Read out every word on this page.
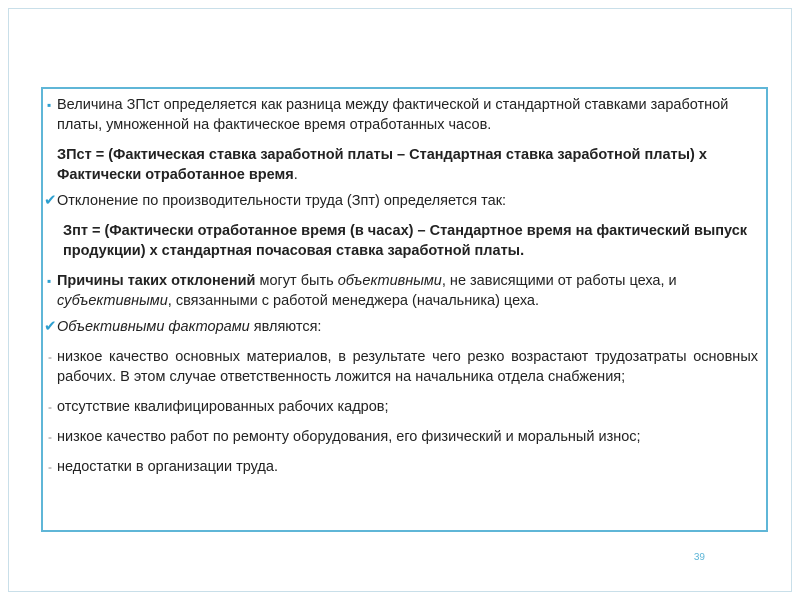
▪ Величина ЗПст определяется как разница между фактической и стандартной ставками заработной платы, умноженной на фактическое время отработанных часов.
ЗПст = (Фактическая ставка заработной платы – Стандартная ставка заработной платы) х Фактически отработанное время.
✔ Отклонение по производительности труда (Зпт) определяется так:
Зпт = (Фактически отработанное время (в часах) – Стандартное время на фактический выпуск продукции) х стандартная почасовая ставка заработной платы.
▪ Причины таких отклонений могут быть объективными, не зависящими от работы цеха, и субъективными, связанными с работой менеджера (начальника) цеха.
✔ Объективными факторами являются:
- низкое качество основных материалов, в результате чего резко возрастают трудозатраты основных рабочих. В этом случае ответственность ложится на начальника отдела снабжения;
- отсутствие квалифицированных рабочих кадров;
- низкое качество работ по ремонту оборудования, его физический и моральный износ;
- недостатки в организации труда.
39
